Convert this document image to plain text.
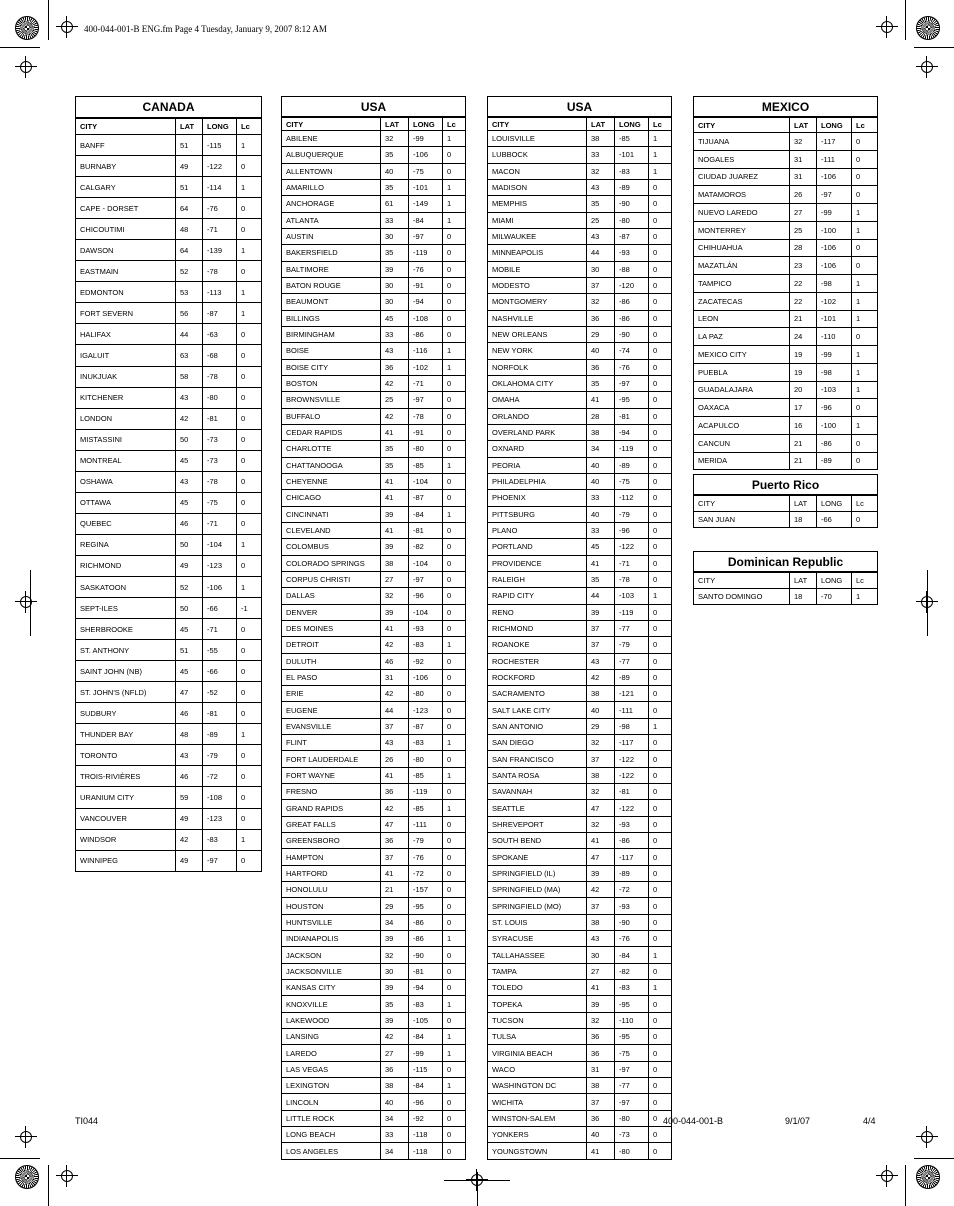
400-044-001-B ENG.fm Page 4 Tuesday, January 9, 2007 8:12 AM
CANADA			
CITY	LAT	LONG	Lc
BANFF	51	-115	1
BURNABY	49	-122	0
CALGARY	51	-114	1
CAPE - DORSET	64	-76	0
CHICOUTIMI	48	-71	0
DAWSON	64	-139	1
EASTMAIN	52	-78	0
EDMONTON	53	-113	1
FORT SEVERN	56	-87	1
HALIFAX	44	-63	0
IGALUIT	63	-68	0
INUKJUAK	58	-78	0
KITCHENER	43	-80	0
LONDON	42	-81	0
MISTASSINI	50	-73	0
MONTREAL	45	-73	0
OSHAWA	43	-78	0
OTTAWA	45	-75	0
QUEBEC	46	-71	0
REGINA	50	-104	1
RICHMOND	49	-123	0
SASKATOON	52	-106	1
SEPT-ILES	50	-66	-1
SHERBROOKE	45	-71	0
ST. ANTHONY	51	-55	0
SAINT JOHN (NB)	45	-66	0
ST. JOHN'S (NFLD)	47	-52	0
SUDBURY	46	-81	0
THUNDER BAY	48	-89	1
TORONTO	43	-79	0
TROIS-RIVIÈRES	46	-72	0
URANIUM CITY	59	-108	0
VANCOUVER	49	-123	0
WINDSOR	42	-83	1
WINNIPEG	49	-97	0
USA			
CITY	LAT	LONG	Lc
ABILENE	32	-99	1
ALBUQUERQUE	35	-106	0
ALLENTOWN	40	-75	0
AMARILLO	35	-101	1
ANCHORAGE	61	-149	1
ATLANTA	33	-84	1
AUSTIN	30	-97	0
BAKERSFIELD	35	-119	0
BALTIMORE	39	-76	0
BATON ROUGE	30	-91	0
BEAUMONT	30	-94	0
BILLINGS	45	-108	0
BIRMINGHAM	33	-86	0
BOISE	43	-116	1
BOISE CITY	36	-102	1
BOSTON	42	-71	0
BROWNSVILLE	25	-97	0
BUFFALO	42	-78	0
CEDAR RAPIDS	41	-91	0
CHARLOTTE	35	-80	0
CHATTANOOGA	35	-85	1
CHEYENNE	41	-104	0
CHICAGO	41	-87	0
CINCINNATI	39	-84	1
CLEVELAND	41	-81	0
COLOMBUS	39	-82	0
COLORADO SPRINGS	38	-104	0
CORPUS CHRISTI	27	-97	0
DALLAS	32	-96	0
DENVER	39	-104	0
DES MOINES	41	-93	0
DETROIT	42	-83	1
DULUTH	46	-92	0
EL PASO	31	-106	0
ERIE	42	-80	0
EUGENE	44	-123	0
EVANSVILLE	37	-87	0
FLINT	43	-83	1
FORT LAUDERDALE	26	-80	0
FORT WAYNE	41	-85	1
FRESNO	36	-119	0
GRAND RAPIDS	42	-85	1
GREAT FALLS	47	-111	0
GREENSBORO	36	-79	0
HAMPTON	37	-76	0
HARTFORD	41	-72	0
HONOLULU	21	-157	0
HOUSTON	29	-95	0
HUNTSVILLE	34	-86	0
INDIANAPOLIS	39	-86	1
JACKSON	32	-90	0
JACKSONVILLE	30	-81	0
KANSAS CITY	39	-94	0
KNOXVILLE	35	-83	1
LAKEWOOD	39	-105	0
LANSING	42	-84	1
LAREDO	27	-99	1
LAS VEGAS	36	-115	0
LEXINGTON	38	-84	1
LINCOLN	40	-96	0
LITTLE ROCK	34	-92	0
LONG BEACH	33	-118	0
LOS ANGELES	34	-118	0
USA			
CITY	LAT	LONG	Lc
LOUISVILLE	38	-85	1
LUBBOCK	33	-101	1
MACON	32	-83	1
MADISON	43	-89	0
MEMPHIS	35	-90	0
MIAMI	25	-80	0
MILWAUKEE	43	-87	0
MINNEAPOLIS	44	-93	0
MOBILE	30	-88	0
MODESTO	37	-120	0
MONTGOMERY	32	-86	0
NASHVILLE	36	-86	0
NEW ORLEANS	29	-90	0
NEW YORK	40	-74	0
NORFOLK	36	-76	0
OKLAHOMA CITY	35	-97	0
OMAHA	41	-95	0
ORLANDO	28	-81	0
OVERLAND PARK	38	-94	0
OXNARD	34	-119	0
PEORIA	40	-89	0
PHILADELPHIA	40	-75	0
PHOENIX	33	-112	0
PITTSBURG	40	-79	0
PLANO	33	-96	0
PORTLAND	45	-122	0
PROVIDENCE	41	-71	0
RALEIGH	35	-78	0
RAPID CITY	44	-103	1
RENO	39	-119	0
RICHMOND	37	-77	0
ROANOKE	37	-79	0
ROCHESTER	43	-77	0
ROCKFORD	42	-89	0
SACRAMENTO	38	-121	0
SALT LAKE CITY	40	-111	0
SAN ANTONIO	29	-98	1
SAN DIEGO	32	-117	0
SAN FRANCISCO	37	-122	0
SANTA ROSA	38	-122	0
SAVANNAH	32	-81	0
SEATTLE	47	-122	0
SHREVEPORT	32	-93	0
SOUTH BEND	41	-86	0
SPOKANE	47	-117	0
SPRINGFIELD (IL)	39	-89	0
SPRINGFIELD (MA)	42	-72	0
SPRINGFIELD (MO)	37	-93	0
ST. LOUIS	38	-90	0
SYRACUSE	43	-76	0
TALLAHASSEE	30	-84	1
TAMPA	27	-82	0
TOLEDO	41	-83	1
TOPEKA	39	-95	0
TUCSON	32	-110	0
TULSA	36	-95	0
VIRGINIA BEACH	36	-75	0
WACO	31	-97	0
WASHINGTON DC	38	-77	0
WICHITA	37	-97	0
WINSTON-SALEM	36	-80	0
YONKERS	40	-73	0
YOUNGSTOWN	41	-80	0
MEXICO			
CITY	LAT	LONG	Lc
TIJUANA	32	-117	0
NOGALES	31	-111	0
CIUDAD JUAREZ	31	-106	0
MATAMOROS	26	-97	0
NUEVO LAREDO	27	-99	1
MONTERREY	25	-100	1
CHIHUAHUA	28	-106	0
MAZATLÁN	23	-106	0
TAMPICO	22	-98	1
ZACATECAS	22	-102	1
LEON	21	-101	1
LA PAZ	24	-110	0
MEXICO CITY	19	-99	1
PUEBLA	19	-98	1
GUADALAJARA	20	-103	1
OAXACA	17	-96	0
ACAPULCO	16	-100	1
CANCUN	21	-86	0
MERIDA	21	-89	0
Puerto Rico			
CITY	LAT	LONG	Lc
SAN JUAN	18	-66	0
Dominican Republic			
CITY	LAT	LONG	Lc
SANTO DOMINGO	18	-70	1
TI044	400-044-001-B	9/1/07	4/4
